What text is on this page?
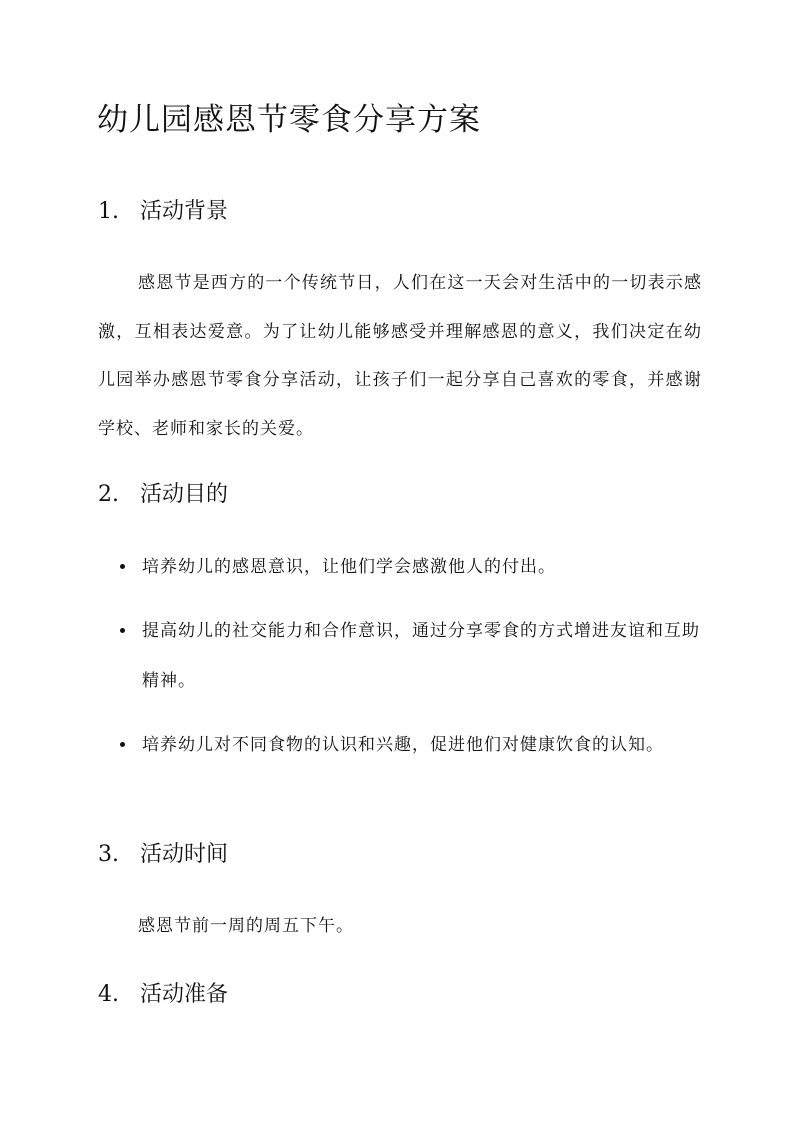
幼儿园感恩节零食分享方案
1. 活动背景

感恩节是西方的一个传统节日，人们在这一天会对生活中的一切表示感激，互相表达爱意。为了让幼儿能够感受并理解感恩的意义，我们决定在幼儿园举办感恩节零食分享活动，让孩子们一起分享自己喜欢的零食，并感谢学校、老师和家长的关爱。

2. 活动目的
培养幼儿的感恩意识，让他们学会感激他人的付出。
提高幼儿的社交能力和合作意识，通过分享零食的方式增进友谊和互助精神。
培养幼儿对不同食物的认识和兴趣，促进他们对健康饮食的认知。
3. 活动时间

感恩节前一周的周五下午。

4. 活动准备
